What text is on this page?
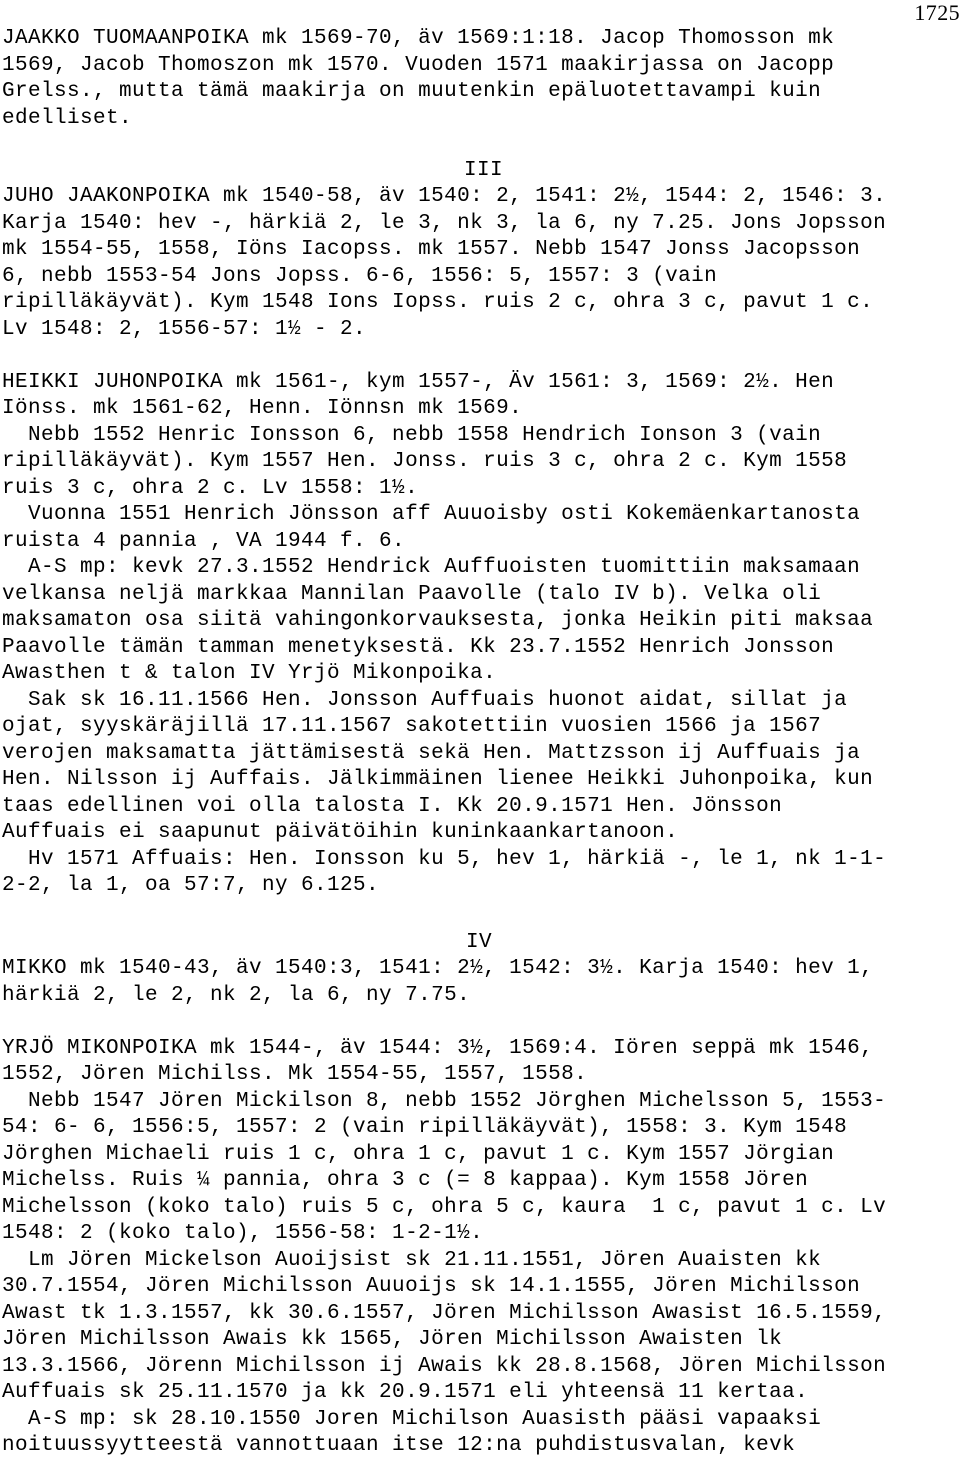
1725
JAAKKO TUOMAANPOIKA mk 1569-70, äv 1569:1:18. Jacop Thomosson mk
1569, Jacob Thomoszon mk 1570. Vuoden 1571 maakirjassa on Jacopp
Grelss., mutta tämä maakirja on muutenkin epäluotettavampi kuin
edelliset.
III
JUHO JAAKONPOIKA mk 1540-58, äv 1540: 2, 1541: 2½, 1544: 2, 1546: 3.
Karja 1540: hev -, härkiä 2, le 3, nk 3, la 6, ny 7.25. Jons Jopsson
mk 1554-55, 1558, Iöns Iacopss. mk 1557. Nebb 1547 Jonss Jacopsson
6, nebb 1553-54 Jons Jopss. 6-6, 1556: 5, 1557: 3 (vain
ripilläkäyvät). Kym 1548 Ions Iopss. ruis 2 c, ohra 3 c, pavut 1 c.
Lv 1548: 2, 1556-57: 1½ - 2.
HEIKKI JUHONPOIKA mk 1561-, kym 1557-, Äv 1561: 3, 1569: 2½. Hen
Iönss. mk 1561-62, Henn. Iönnsn mk 1569.
Nebb 1552 Henric Ionsson 6, nebb 1558 Hendrich Ionson 3 (vain
ripilläkäyvät). Kym 1557 Hen. Jonss. ruis 3 c, ohra 2 c. Kym 1558
ruis 3 c, ohra 2 c. Lv 1558: 1½.
Vuonna 1551 Henrich Jönsson aff Auuoisby osti Kokemäenkartanosta
ruista 4 pannia , VA 1944 f. 6.
A-S mp: kevk 27.3.1552 Hendrick Auffuoisten tuomittiin maksamaan
velkansa neljä markkaa Mannilan Paavolle (talo IV b). Velka oli
maksamaton osa siitä vahingonkorvauksesta, jonka Heikin piti maksaa
Paavolle tämän tamman menetyksestä. Kk 23.7.1552 Henrich Jonsson
Awasthen t & talon IV Yrjö Mikonpoika.
Sak sk 16.11.1566 Hen. Jonsson Auffuais huonot aidat, sillat ja
ojat, syyskäräjillä 17.11.1567 sakotettiin vuosien 1566 ja 1567
verojen maksamatta jättämisestä sekä Hen. Mattzsson ij Auffuais ja
Hen. Nilsson ij Auffais. Jälkimmäinen lienee Heikki Juhonpoika, kun
taas edellinen voi olla talosta I. Kk 20.9.1571 Hen. Jönsson
Auffuais ei saapunut päivätöihin kuninkaankartanoon.
Hv 1571 Affuais: Hen. Ionsson ku 5, hev 1, härkiä -, le 1, nk 1-1-
2-2, la 1, oa 57:7, ny 6.125.
IV
MIKKO mk 1540-43, äv 1540:3, 1541: 2½, 1542: 3½. Karja 1540: hev 1,
härkiä 2, le 2, nk 2, la 6, ny 7.75.
YRJÖ MIKONPOIKA mk 1544-, äv 1544: 3½, 1569:4. Iören seppä mk 1546,
1552, Jören Michilss. Mk 1554-55, 1557, 1558.
Nebb 1547 Jören Mickilson 8, nebb 1552 Jörghen Michelsson 5, 1553-
54: 6- 6, 1556:5, 1557: 2 (vain ripilläkäyvät), 1558: 3. Kym 1548
Jörghen Michaeli ruis 1 c, ohra 1 c, pavut 1 c. Kym 1557 Jörgian
Michelss. Ruis ¼ pannia, ohra 3 c (= 8 kappaa). Kym 1558 Jören
Michelsson (koko talo) ruis 5 c, ohra 5 c, kaura  1 c, pavut 1 c. Lv
1548: 2 (koko talo), 1556-58: 1-2-1½.
Lm Jören Mickelson Auoijsist sk 21.11.1551, Jören Auaisten kk
30.7.1554, Jören Michilsson Auuoijs sk 14.1.1555, Jören Michilsson
Awast tk 1.3.1557, kk 30.6.1557, Jören Michilsson Awasist 16.5.1559,
Jören Michilsson Awais kk 1565, Jören Michilsson Awaisten lk
13.3.1566, Jörenn Michilsson ij Awais kk 28.8.1568, Jören Michilsson
Auffuais sk 25.11.1570 ja kk 20.9.1571 eli yhteensä 11 kertaa.
A-S mp: sk 28.10.1550 Joren Michilson Auasisth pääsi vapaaksi
noituussyytteestä vannottuaan itse 12:na puhdistusvalan, kevk
